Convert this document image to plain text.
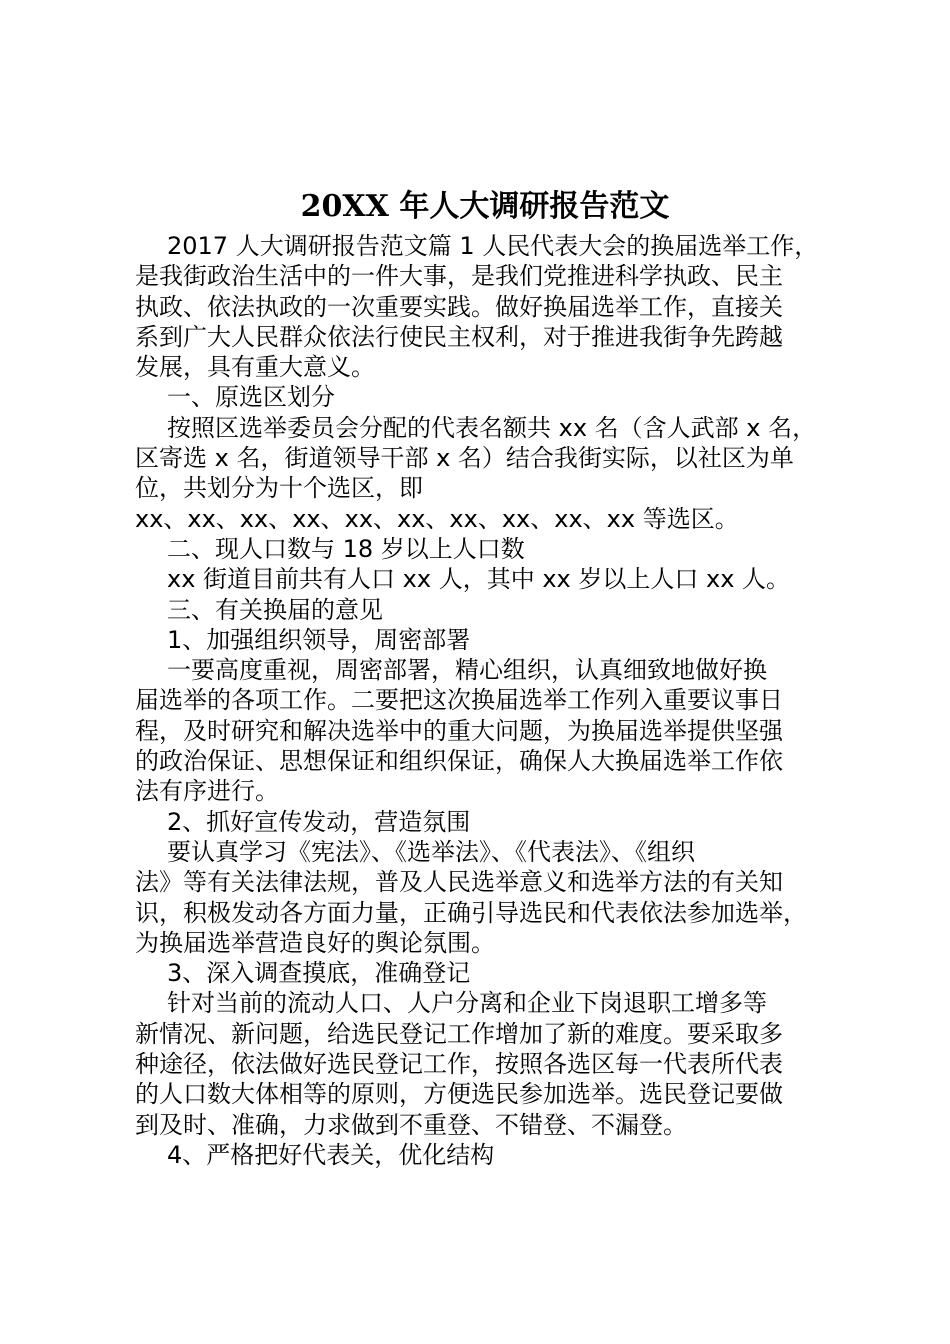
20XX 年人大调研报告范文
2017 人大调研报告范文篇 1 人民代表大会的换届选举工作，
是我街政治生活中的一件大事，是我们党推进科学执政、民主
执政、依法执政的一次重要实践。做好换届选举工作，直接关
系到广大人民群众依法行使民主权利，对于推进我街争先跨越
发展，具有重大意义。
一、原选区划分
按照区选举委员会分配的代表名额共 xx 名（含人武部 x 名，
区寄选 x 名，街道领导干部 x 名）结合我街实际，以社区为单
位，共划分为十个选区，即
xx、xx、xx、xx、xx、xx、xx、xx、xx、xx 等选区。
二、现人口数与 18 岁以上人口数
xx 街道目前共有人口 xx 人，其中 xx 岁以上人口 xx 人。
三、有关换届的意见
1、加强组织领导，周密部署
一要高度重视，周密部署，精心组织，认真细致地做好换
届选举的各项工作。二要把这次换届选举工作列入重要议事日
程，及时研究和解决选举中的重大问题，为换届选举提供坚强
的政治保证、思想保证和组织保证，确保人大换届选举工作依
法有序进行。
2、抓好宣传发动，营造氛围
要认真学习《宪法》、《选举法》、《代表法》、《组织
法》等有关法律法规，普及人民选举意义和选举方法的有关知
识，积极发动各方面力量，正确引导选民和代表依法参加选举，
为换届选举营造良好的舆论氛围。
3、深入调查摸底，准确登记
针对当前的流动人口、人户分离和企业下岗退职工增多等
新情况、新问题，给选民登记工作增加了新的难度。要采取多
种途径，依法做好选民登记工作，按照各选区每一代表所代表
的人口数大体相等的原则，方便选民参加选举。选民登记要做
到及时、准确，力求做到不重登、不错登、不漏登。
4、严格把好代表关，优化结构
